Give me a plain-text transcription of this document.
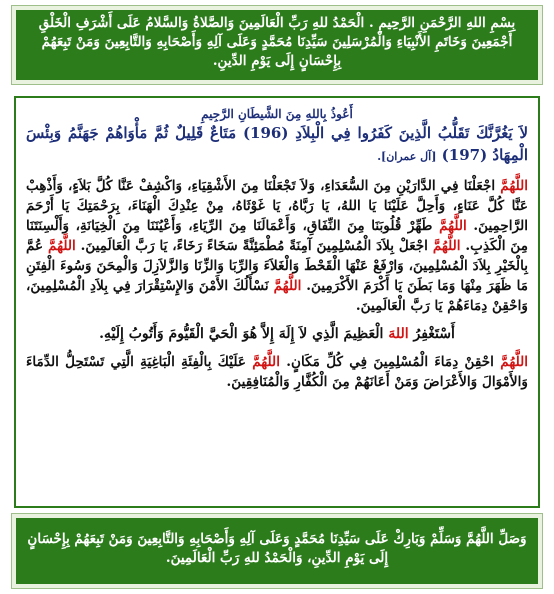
بِسْمِ اللهِ الرَّحْمَنِ الرَّحِيمِ . الْحَمْدُ للهِ رَبِّ الْعَالَمِينَ وَالصَّلاةُ وَالسَّلامُ عَلَى أَشْرَفِ الْخَلْقِ أَجْمَعِينَ وَخَاتَمِ الأَنْبِيَاءِ وَالْمُرْسَلِينَ سَيِّدِنَا مُحَمَّدٍ وَعَلَى آلِهِ وَأَصْحَابِهِ وَالتَّابِعِينَ وَمَنْ تَبِعَهُمْ بِإِحْسَانٍ إِلَى يَوْمِ الدِّينِ.
أَعُوذُ بِاللهِ مِنَ الشَّيطَانِ الرَّجِيمِ
لاَ يَغُرَّنَّكَ تَقَلُّبُ الَّذِينَ كَفَرُوا فِي الْبِلاَدِ (196) مَتَاعٌ قَلِيلٌ ثُمَّ مَأْوَاهُمْ جَهَنَّمُ وَبِئْسَ الْمِهَادُ (197) [آل عمران].
اللَّهُمَّ اجْعَلْنَا فِي الدَّارَيْنِ مِنَ السُّعَدَاءِ، وَلاَ تَجْعَلْنَا مِنَ الأَشْقِيَاءِ، وَاكْشِفْ عَنَّا كُلَّ بَلاَءٍ، وَأَذْهِبْ عَنَّا كُلَّ عَنَاءٍ، وَأَحِلَّ عَلَيْنَا يَا اللهُ، يَا رَبَّاهُ، يَا غَوْثَاهُ، مِنْ عِنْدِكَ الْهَنَاءَ، بِرَحْمَتِكَ يَا أَرْحَمَ الرَّاحِمِينَ. اللَّهُمَّ طَهِّرْ قُلُوبَنَا مِنَ النِّفَاقِ، وَأَعْمَالَنَا مِنَ الرِّيَاءِ، وَأَعْيُنَنَا مِنَ الْخِيَانَةِ، وَأَلْسِنَتَنَا مِنَ الْكَذِبِ. اللَّهُمَّ اجْعَلْ بِلاَدَ الْمُسْلِمِينَ آمِنَةً مُطْمَئِنَّةً سَخَاءً رَخَاءً، يَا رَبَّ الْعَالَمِينَ. اللَّهُمَّ عُمَّ بِالْخَيْرِ بِلاَدَ الْمُسْلِمِينَ، وَارْفَعْ عَنْهَا الْقَحْطَ وَالْغَلاَءَ وَالرِّبَا وَالزِّنَا وَالزَّلاَزِلَ وَالْمِحَنَ وَسُوءَ الْفِتَنِ مَا ظَهَرَ مِنْهَا وَمَا بَطَنَ يَا أَكْرَمَ الأَكْرَمِينَ. اللَّهُمَّ نَسْأَلُكَ الأَمْنَ وَالإِسْتِقْرَارَ فِي بِلاَدِ الْمُسْلِمِينَ، وَاحْقِنْ دِمَاءَهُمْ يَا رَبَّ الْعَالَمِينَ.
أَسْتَغْفِرُ اللهَ الْعَظِيمَ الَّذِي لاَ إِلَهَ إِلاَّ هُوَ الْحَيَّ الْقَيُّومَ وَأَتُوبُ إِلَيْهِ.
اللَّهُمَّ احْقِنْ دِمَاءَ الْمُسْلِمِينَ فِي كُلِّ مَكَانٍ. اللَّهُمَّ عَلَيْكَ بِالْفِئَةِ الْبَاغِيَةِ الَّتِي تَسْتَحِلُّ الدِّمَاءَ وَالأَمْوَالَ وَالأَعْرَاضَ وَمَنْ أَعَانَهُمْ مِنَ الْكُفَّارِ وَالْمُنَافِقِينَ.
وَصَلِّ اللَّهُمَّ وَسَلِّمْ وَبَارِكْ عَلَى سَيِّدِنَا مُحَمَّدٍ وَعَلَى آلِهِ وَأَصْحَابِهِ وَالتَّابِعِينَ وَمَنْ تَبِعَهُمْ بِإِحْسَانٍ إِلَى يَوْمِ الدِّينِ، وَالْحَمْدُ للهِ رَبِّ الْعَالَمِينَ.
